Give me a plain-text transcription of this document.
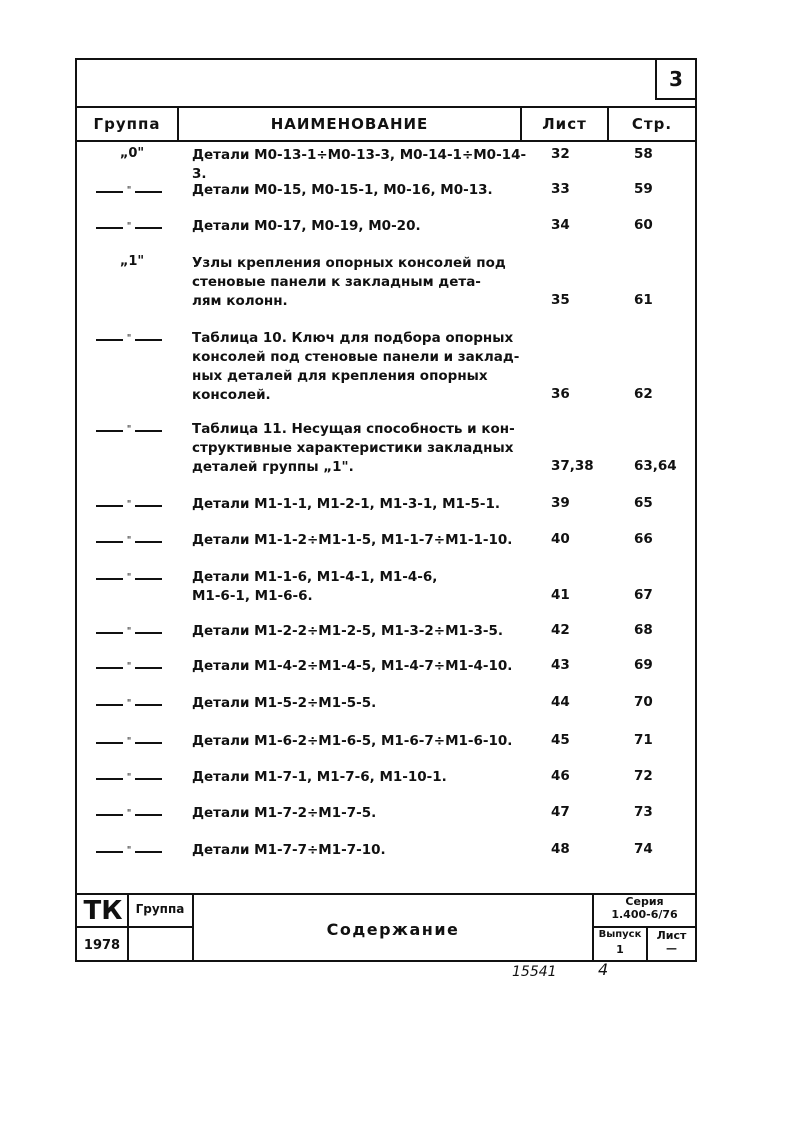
3
Группа	НАИМЕНОВАНИЕ	Лист	Стр.
„0"	Детали М0-13-1÷М0-13-3, М0-14-1÷М0-14-3.
32	58
"	Детали М0-15, М0-15-1, М0-16, М0-13.	33	59
"	Детали М0-17, М0-19, М0-20.	34	60
„1"	Узлы крепления опорных консолей под
стеновые панели к закладным дета-
лям колонн.	35	61
"	Таблица 10. Ключ для подбора опорных
консолей под стеновые панели и заклад-
ных деталей для крепления опорных
консолей.	36	62
"	Таблица 11. Несущая способность и кон-
структивные характеристики закладных
деталей группы „1".	37,38	63,64
"	Детали М1-1-1, М1-2-1, М1-3-1, М1-5-1.	39	65
"	Детали М1-1-2÷М1-1-5, М1-1-7÷М1-1-10.	40	66
"	Детали М1-1-6, М1-4-1, М1-4-6,
М1-6-1, М1-6-6.	41	67
"	Детали М1-2-2÷М1-2-5, М1-3-2÷М1-3-5.	42	68
"	Детали М1-4-2÷М1-4-5, М1-4-7÷М1-4-10.	43	69
"	Детали М1-5-2÷М1-5-5.	44	70
"	Детали М1-6-2÷М1-6-5, М1-6-7÷М1-6-10.	45	71
"	Детали М1-7-1, М1-7-6, М1-10-1.	46	72
"	Детали М1-7-2÷М1-7-5.	47	73
"	Детали М1-7-7÷М1-7-10.	48	74
ТК	Группа
1978
Содержание
Серия
1.400-6/76
Выпуск
1
Лист
—
15541	4
